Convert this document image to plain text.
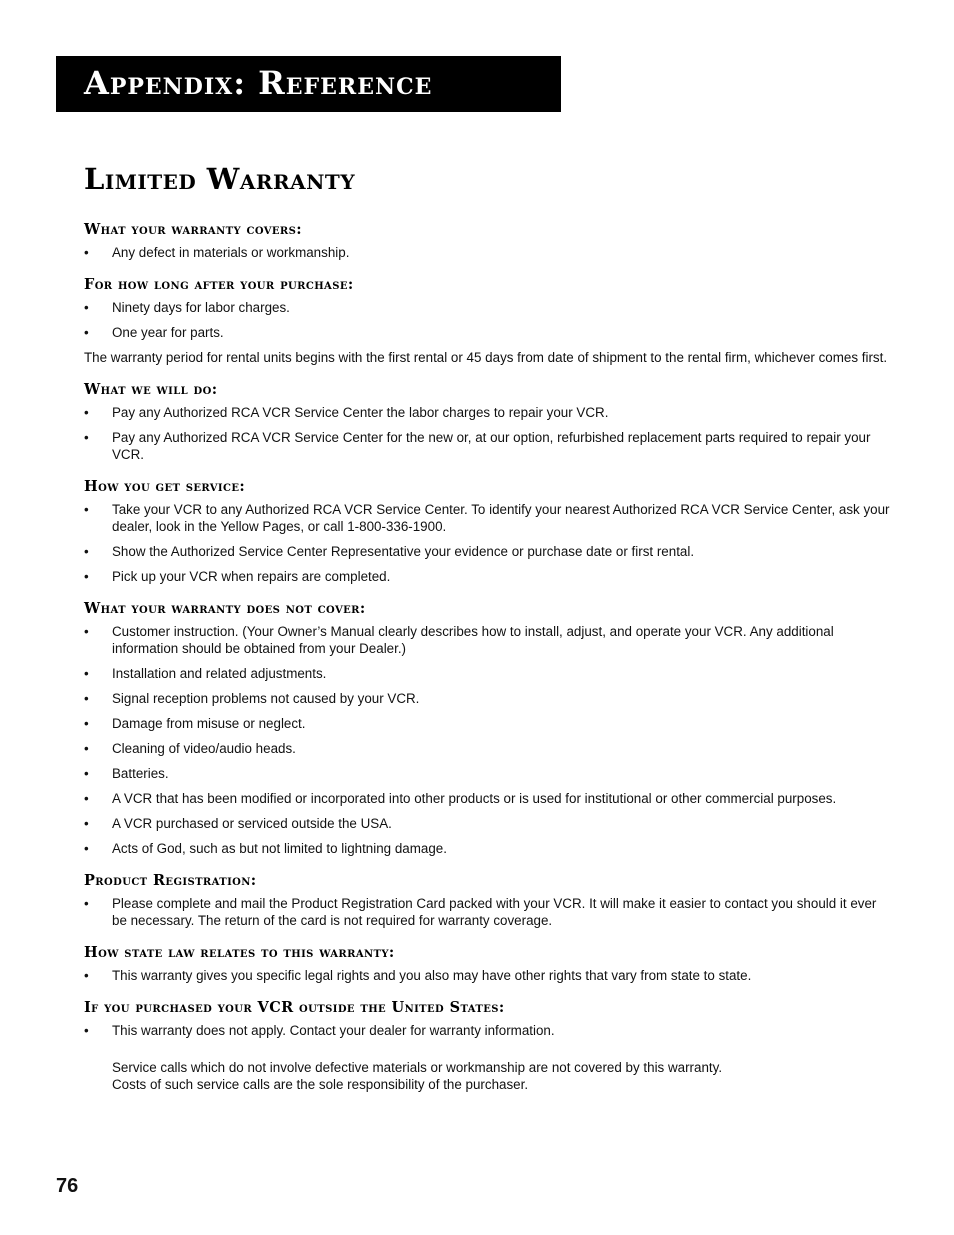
Appendix: Reference
Limited Warranty
What your warranty covers:
• Any defect in materials or workmanship.
For how long after your purchase:
• Ninety days for labor charges.
• One year for parts.
The warranty period for rental units begins with the first rental or 45 days from date of shipment to the rental firm, whichever comes first.
What we will do:
• Pay any Authorized RCA VCR Service Center the labor charges to repair your VCR.
• Pay any Authorized RCA VCR Service Center for the new or, at our option, refurbished replacement parts required to repair your VCR.
How you get service:
• Take your VCR to any Authorized RCA VCR Service Center. To identify your nearest Authorized RCA VCR Service Center, ask your dealer, look in the Yellow Pages, or call 1-800-336-1900.
• Show the Authorized Service Center Representative your evidence or purchase date or first rental.
• Pick up your VCR when repairs are completed.
What your warranty does not cover:
• Customer instruction. (Your Owner’s Manual clearly describes how to install, adjust, and operate your VCR. Any additional information should be obtained from your Dealer.)
• Installation and related adjustments.
• Signal reception problems not caused by your VCR.
• Damage from misuse or neglect.
• Cleaning of video/audio heads.
• Batteries.
• A VCR that has been modified or incorporated into other products or is used for institutional or other commercial purposes.
• A VCR purchased or serviced outside the USA.
• Acts of God, such as but not limited to lightning damage.
Product Registration:
• Please complete and mail the Product Registration Card packed with your VCR. It will make it easier to contact you should it ever be necessary. The return of the card is not required for warranty coverage.
How state law relates to this warranty:
• This warranty gives you specific legal rights and you also may have other rights that vary from state to state.
If you purchased your VCR outside the United States:
• This warranty does not apply. Contact your dealer for warranty information.
Service calls which do not involve defective materials or workmanship are not covered by this warranty.
Costs of such service calls are the sole responsibility of the purchaser.
76
